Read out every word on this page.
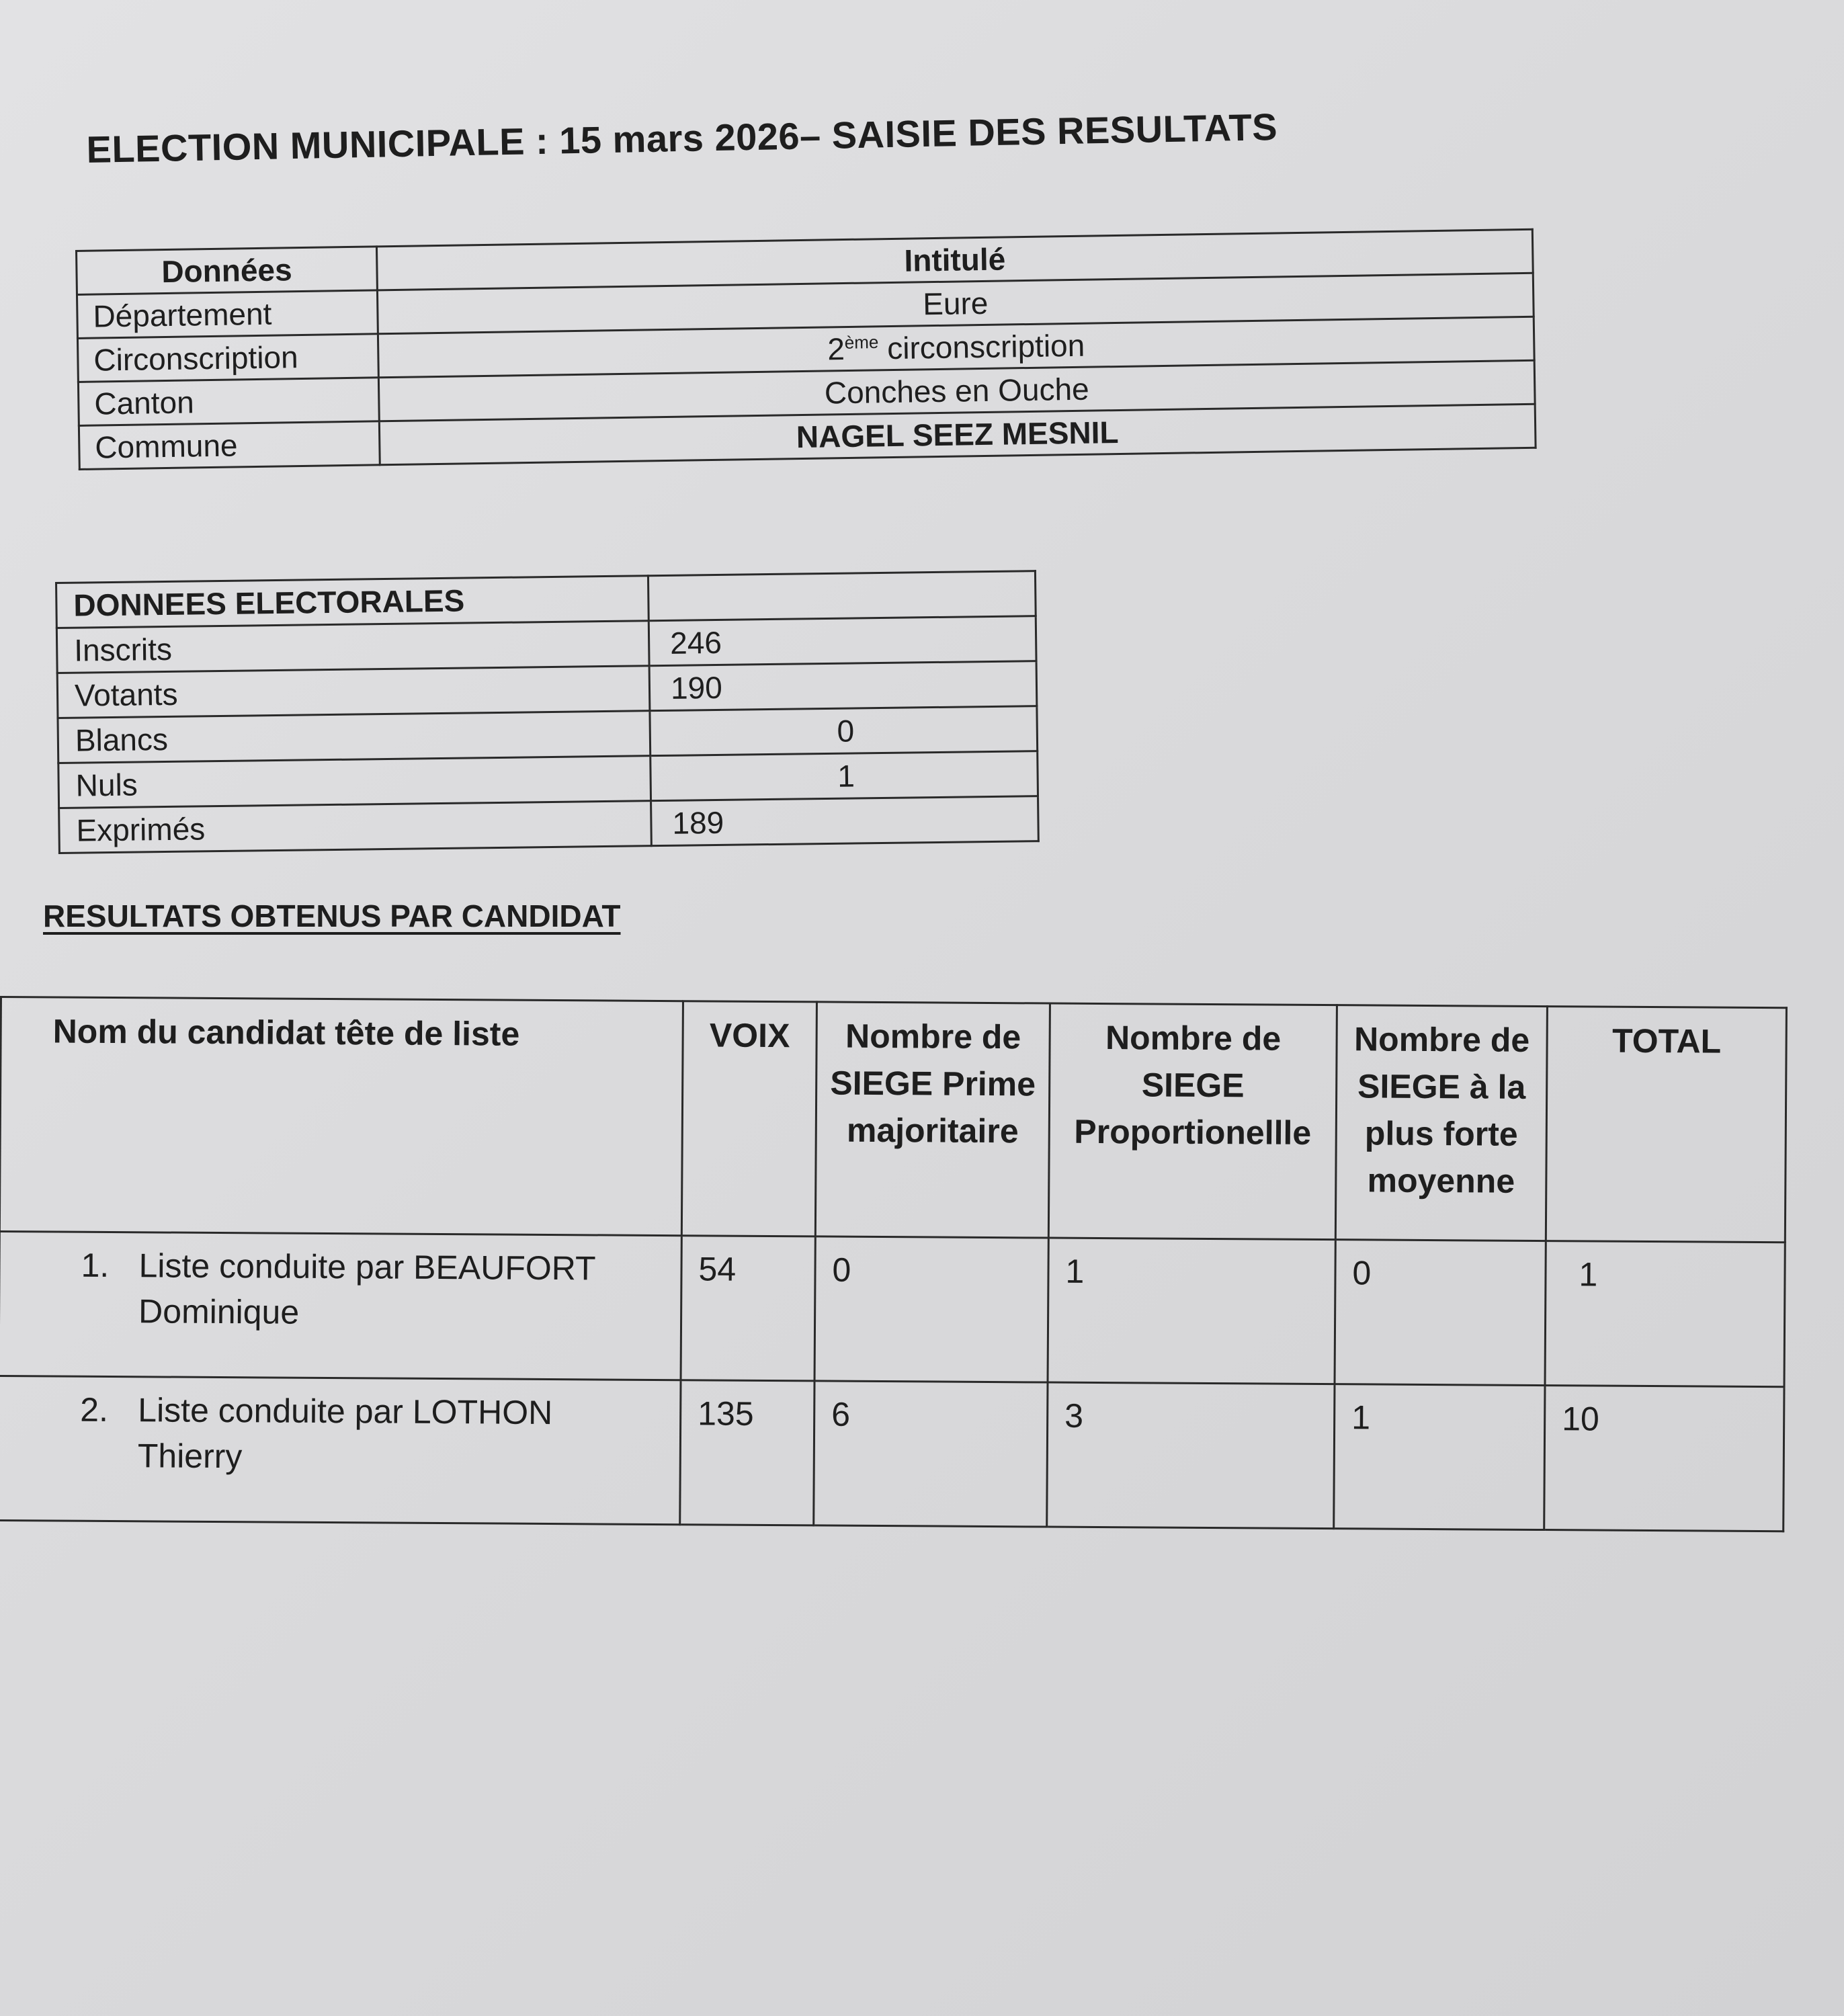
ELECTION MUNICIPALE : 15 mars 2026– SAISIE DES RESULTATS
Données	Intitulé
Département	Eure
Circonscription	2ème circonscription
Canton	Conches en Ouche
Commune	NAGEL SEEZ MESNIL
DONNEES ELECTORALES	
Inscrits	246
Votants	190
Blancs	0
Nuls	1
Exprimés	189
RESULTATS OBTENUS PAR CANDIDAT
Nom du candidat tête de liste	VOIX	Nombre de SIEGE Prime majoritaire	Nombre de SIEGE Proportionellle	Nombre de SIEGE à la plus forte moyenne	TOTAL

1. Liste conduite par BEAUFORT
Dominique	54	0	1	0	1

2. Liste conduite par LOTHON
Thierry	135	6	3	1	10
